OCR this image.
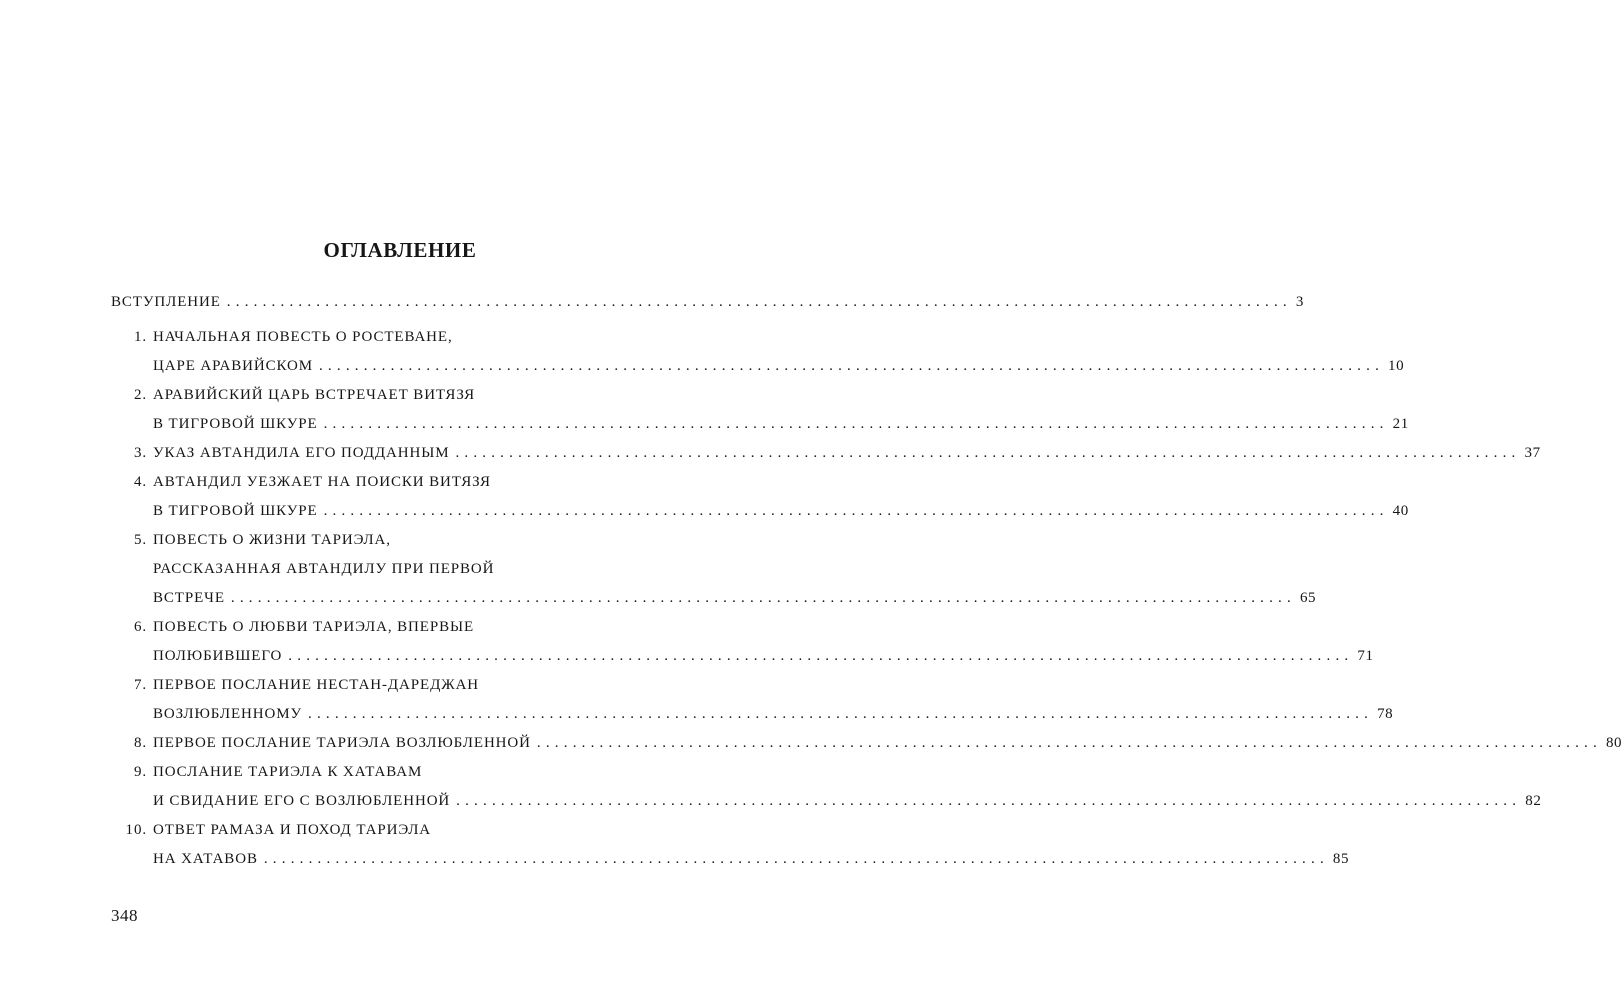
ОГЛАВЛЕНИЕ
ВСТУПЛЕНИЕ ....................................................................................................................... 3
1. НАЧАЛЬНАЯ ПОВЕСТЬ О РОСТЕВАНЕ,
ЦАРЕ АРАВИЙСКОМ ....................................................................................................................... 10
2. АРАВИЙСКИЙ ЦАРЬ ВСТРЕЧАЕТ ВИТЯЗЯ
В ТИГРОВОЙ ШКУРЕ ....................................................................................................................... 21
3. УКАЗ АВТАНДИЛА ЕГО ПОДДАННЫМ ....................................................................................................................... 37
4. АВТАНДИЛ УЕЗЖАЕТ НА ПОИСКИ ВИТЯЗЯ
В ТИГРОВОЙ ШКУРЕ ....................................................................................................................... 40
5. ПОВЕСТЬ О ЖИЗНИ ТАРИЭЛА,
РАССКАЗАННАЯ АВТАНДИЛУ ПРИ ПЕРВОЙ
ВСТРЕЧЕ ....................................................................................................................... 65
6. ПОВЕСТЬ О ЛЮБВИ ТАРИЭЛА, ВПЕРВЫЕ
ПОЛЮБИВШЕГО ....................................................................................................................... 71
7. ПЕРВОЕ ПОСЛАНИЕ НЕСТАН-ДАРЕДЖАН
ВОЗЛЮБЛЕННОМУ ....................................................................................................................... 78
8. ПЕРВОЕ ПОСЛАНИЕ ТАРИЭЛА ВОЗЛЮБЛЕННОЙ ....................................................................................................................... 80
9. ПОСЛАНИЕ ТАРИЭЛА К ХАТАВАМ
И СВИДАНИЕ ЕГО С ВОЗЛЮБЛЕННОЙ ....................................................................................................................... 82
10. ОТВЕТ РАМАЗА И ПОХОД ТАРИЭЛА
НА ХАТАВОВ ....................................................................................................................... 85
348
